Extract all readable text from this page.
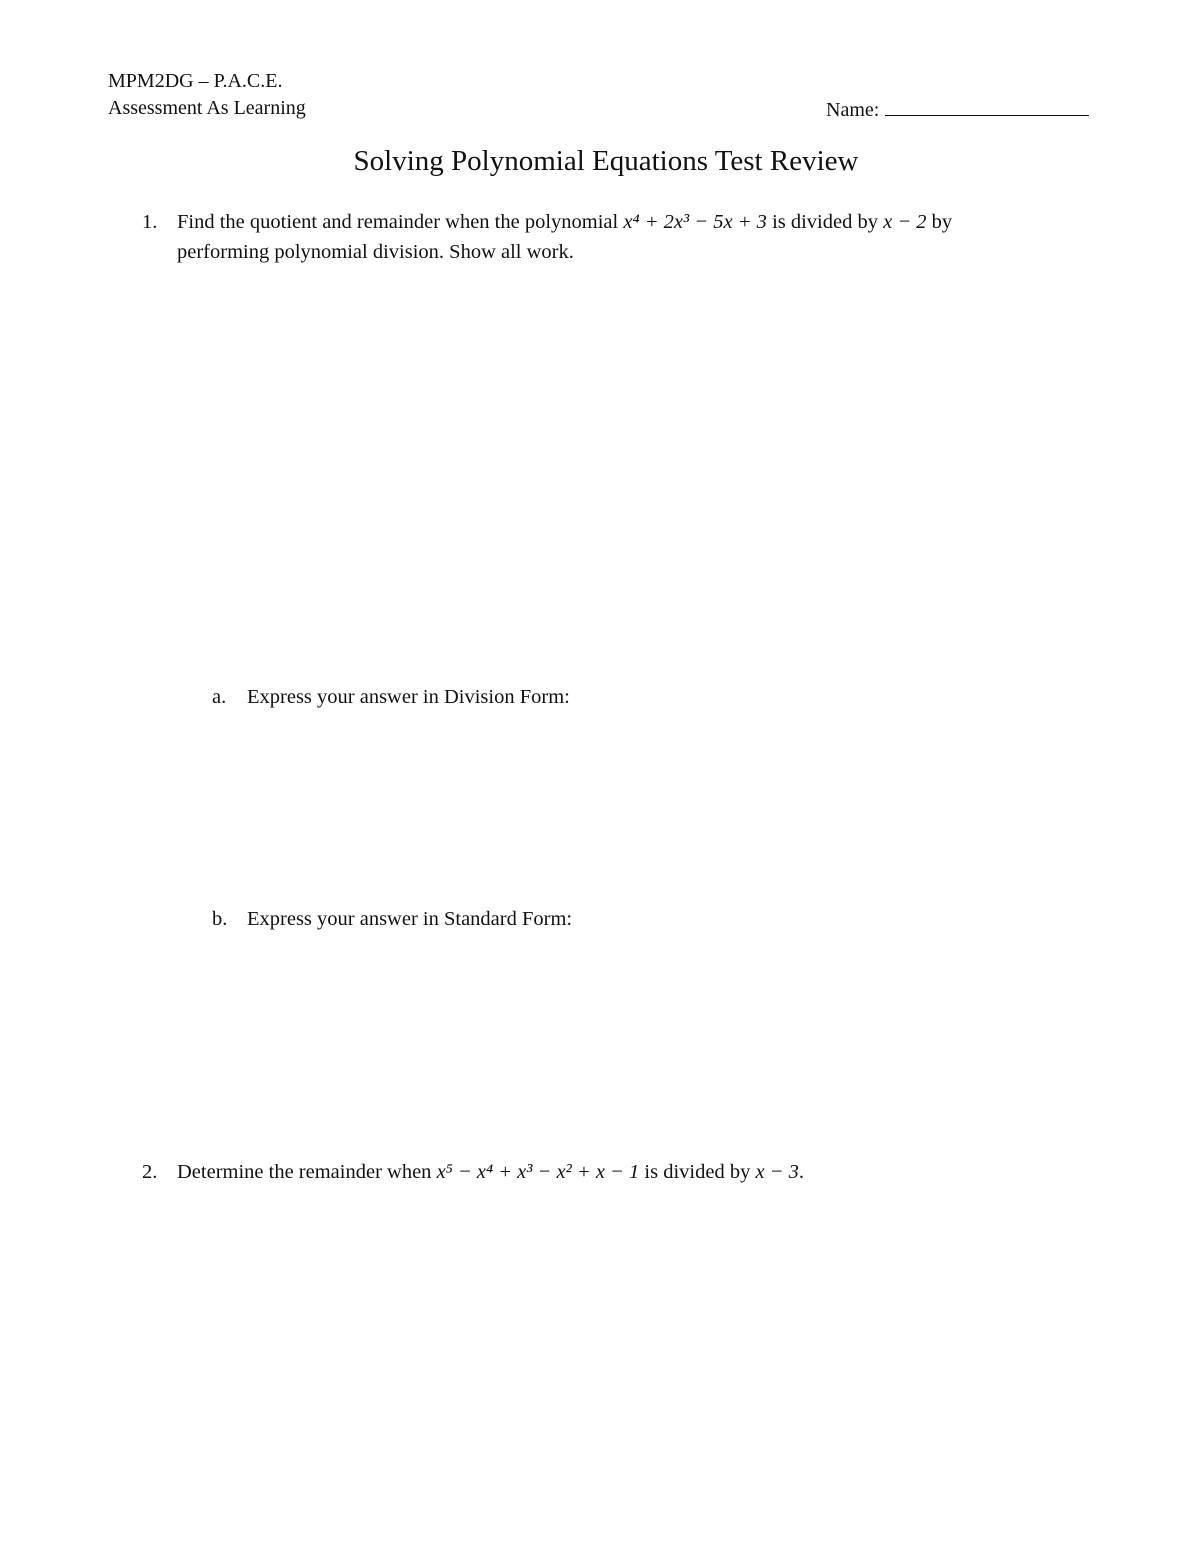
MPM2DG – P.A.C.E.
Assessment As Learning	Name:
Solving Polynomial Equations Test Review
1. Find the quotient and remainder when the polynomial x⁴ + 2x³ − 5x + 3 is divided by x − 2 by
performing polynomial division. Show all work.
a. Express your answer in Division Form:
b. Express your answer in Standard Form:
2. Determine the remainder when x⁵ − x⁴ + x³ − x² + x − 1 is divided by x − 3.
